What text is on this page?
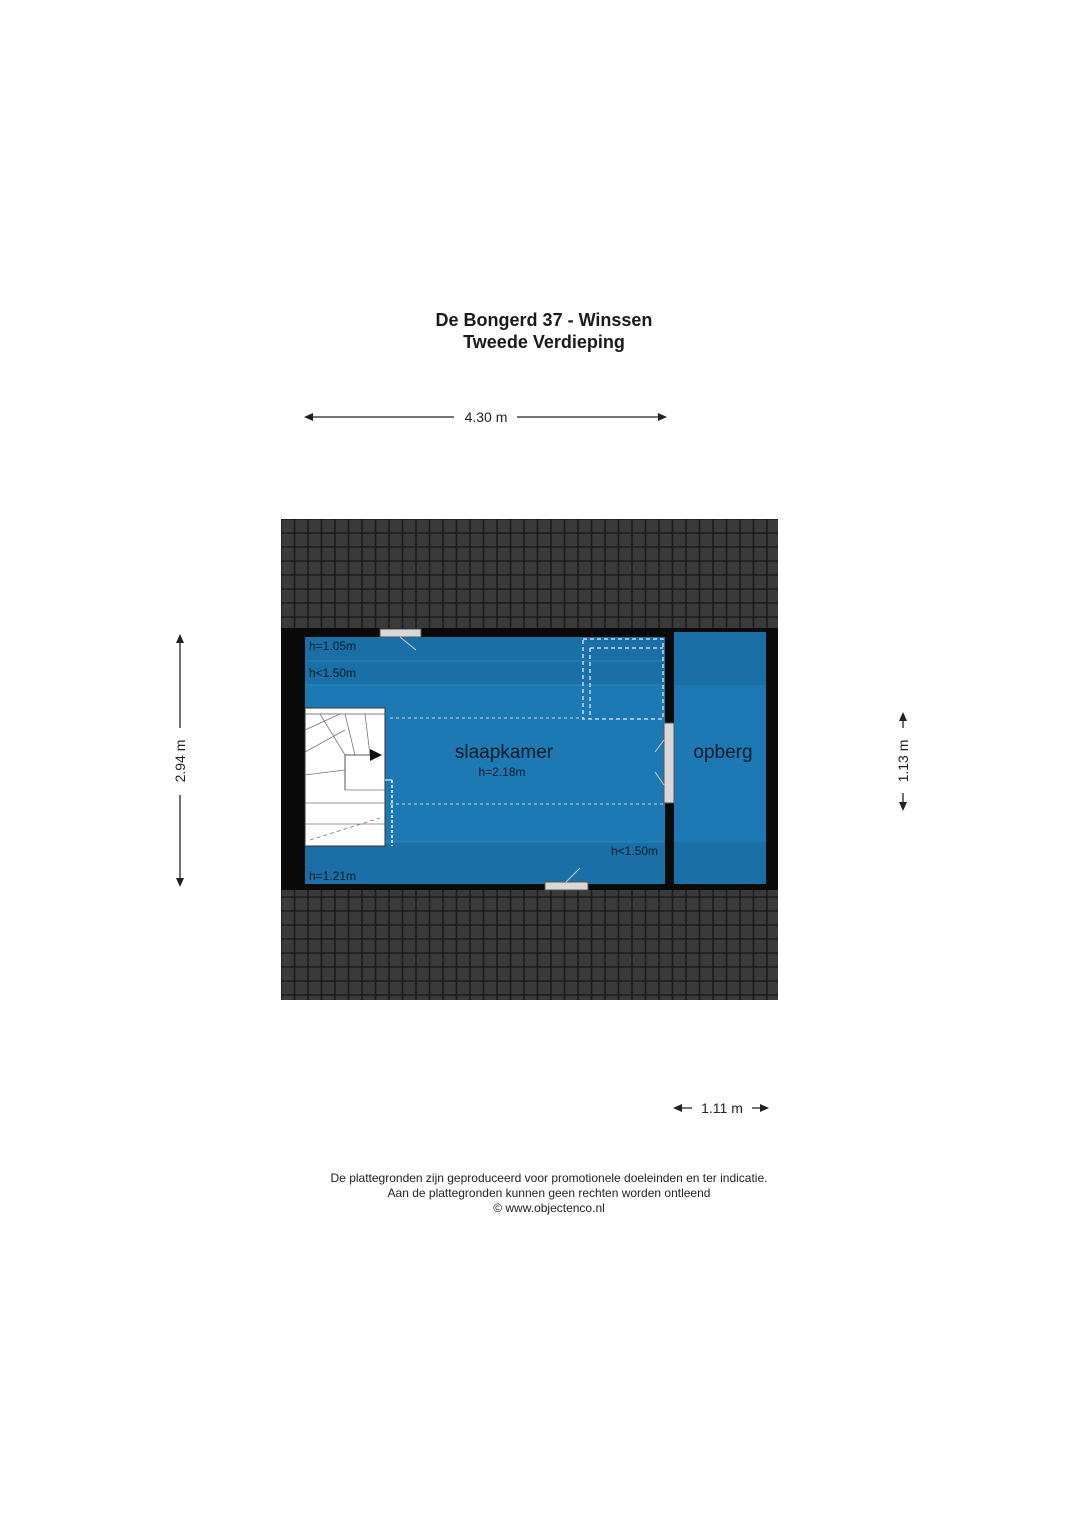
De Bongerd 37 - Winssen
Tweede Verdieping
slaapkamer
h=2.18m
opberg
h=1.05m
h<1.50m
h<1.50m
h=1.21m
4.30 m
2.94 m	1.13 m
1.11 m
De plattegronden zijn geproduceerd voor promotionele doeleinden en ter indicatie.
Aan de plattegronden kunnen geen rechten worden ontleend
© www.objectenco.nl
